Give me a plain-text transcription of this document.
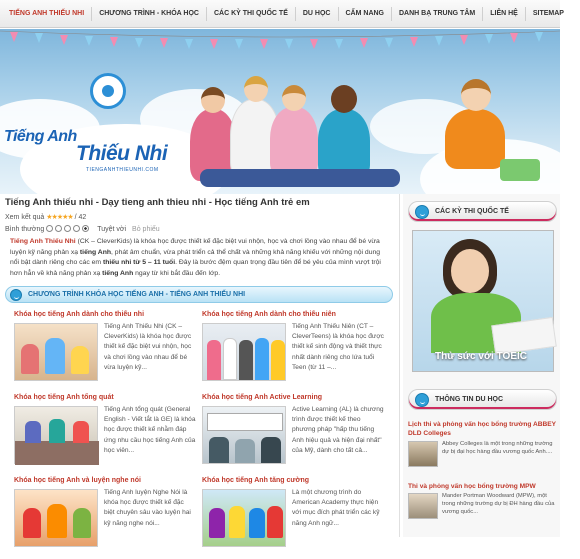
TIẾNG ANH THIẾU NHI	CHƯƠNG TRÌNH - KHÓA HỌC	CÁC KỲ THI QUỐC TẾ	DU HỌC	CẨM NANG	DANH BẠ TRUNG TÂM	LIÊN HỆ	SITEMAP
Tiếng Anh
Thiếu Nhi
TIENGANHTHIEUNHI.COM
Tiếng Anh thiếu nhi - Dạy tieng anh thieu nhi - Học tiếng Anh trẻ em
Xem kết quả ★★★★★ / 42
Bình thường	Tuyệt vời Bỏ phiếu
Tiếng Anh Thiếu Nhi (CK – CleverKids) là khóa học được thiết kế đặc biệt vui nhộn, học và chơi lồng vào nhau để bé vừa luyện kỹ năng phản xạ tiếng Anh, phát âm chuẩn, vừa phát triển cả thể chất và những khả năng khiếu với những nội dung nổi bật dành riêng cho các em thiếu nhi từ 5 – 11 tuổi. Đây là bước đệm quan trọng đầu tiên để bé yêu của mình vượt trội hơn hẳn về khả năng phản xạ tiếng Anh ngay từ khi bắt đầu đến lớp.
CHƯƠNG TRÌNH KHÓA HỌC TIẾNG ANH - TIẾNG ANH THIẾU NHI
Khóa học tiếng Anh dành cho thiếu nhi
Tiếng Anh Thiếu Nhi (CK – CleverKids) là khóa học được thiết kế đặc biệt vui nhộn, học và chơi lồng vào nhau để bé vừa luyện kỹ...
Khóa học tiếng Anh dành cho thiếu niên
Tiếng Anh Thiếu Niên (CT – CleverTeens) là khóa học được thiết kế sinh động và thiết thực nhất dành riêng cho lứa tuổi Teen (từ 11 –...
Khóa học tiếng Anh tổng quát
Tiếng Anh tổng quát (General English - Viết tắt là GE) là khóa học được thiết kế nhằm đáp ứng nhu cầu học tiếng Anh của học viên...
Khóa học tiếng Anh Active Learning
Active Learning (AL) là chương trình được thiết kế theo phương pháp "hấp thu tiếng Anh hiệu quả và hiện đại nhất" của Mỹ, dành cho tất cả...
Khóa học tiếng Anh và luyện nghe nói
Tiếng Anh luyện Nghe Nói là khóa học được thiết kế đặc biệt chuyên sâu vào luyện hai kỹ năng nghe nói...
Khóa học tiếng Anh tăng cường
Là một chương trình do American Academy thực hiện với mục đích phát triển các kỹ năng Anh ngữ...
CÁC KỲ THI QUỐC TẾ
Thử sức với TOEIC
THÔNG TIN DU HỌC
Lịch thi và phỏng vấn học bổng trường ABBEY DLD Colleges
Abbey Colleges là một trong những trường dự bị đại học hàng đầu vương quốc Anh....
Thi và phỏng vấn học bổng trường MPW
Mander Portman Woodward (MPW), một trong những trường dự bị ĐH hàng đầu của vương quốc...
